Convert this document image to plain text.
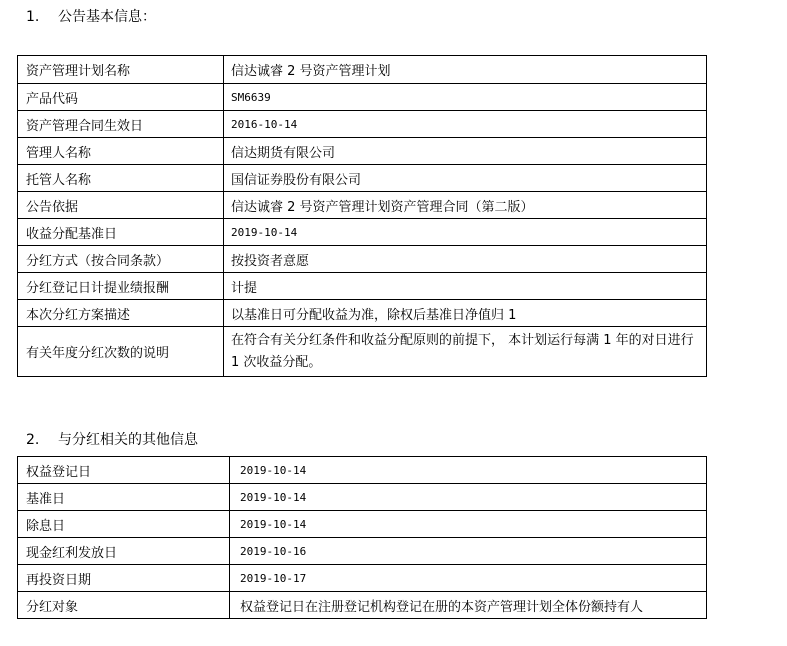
1. 公告基本信息：
资产管理计划名称	信达诚睿 2 号资产管理计划
产品代码	SM6639
资产管理合同生效日	2016-10-14
管理人名称	信达期货有限公司
托管人名称	国信证券股份有限公司
公告依据	信达诚睿 2 号资产管理计划资产管理合同（第二版）
收益分配基准日	2019-10-14
分红方式（按合同条款）	按投资者意愿
分红登记日计提业绩报酬	计提
本次分红方案描述	以基准日可分配收益为准，除权后基准日净值归 1
有关年度分红次数的说明	在符合有关分红条件和收益分配原则的前提下， 本计划运行每满 1 年的对日进行 1 次收益分配。
2. 与分红相关的其他信息
权益登记日	2019-10-14
基准日	2019-10-14
除息日	2019-10-14
现金红利发放日	2019-10-16
再投资日期	2019-10-17
分红对象	权益登记日在注册登记机构登记在册的本资产管理计划全体份额持有人
